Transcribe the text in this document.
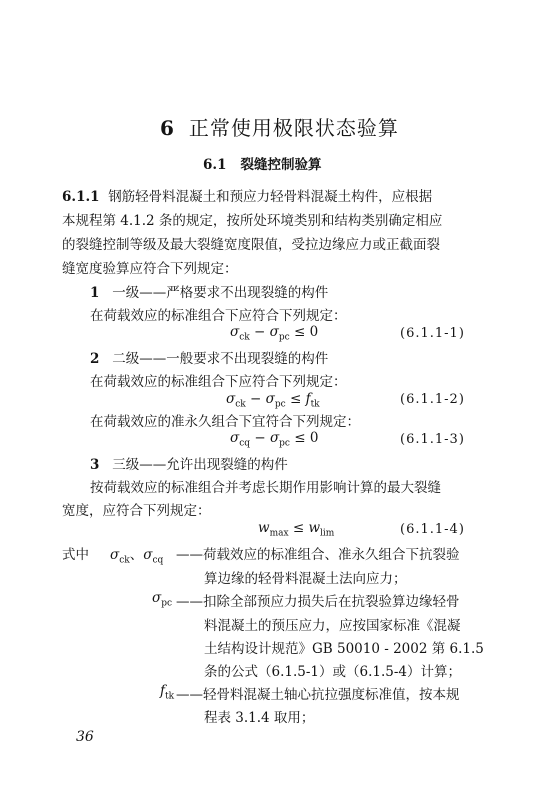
6 正常使用极限状态验算
6.1 裂缝控制验算
6.1.1 钢筋轻骨料混凝土和预应力轻骨料混凝土构件，应根据
本规程第 4.1.2 条的规定，按所处环境类别和结构类别确定相应
的裂缝控制等级及最大裂缝宽度限值，受拉边缘应力或正截面裂
缝宽度验算应符合下列规定：
1 一级——严格要求不出现裂缝的构件
在荷载效应的标准组合下应符合下列规定：
$\sigma_{ck} - \sigma_{pc} \le 0$	(6.1.1-1)
2 二级——一般要求不出现裂缝的构件
在荷载效应的标准组合下应符合下列规定：
$\sigma_{ck} - \sigma_{pc} \le f_{tk}$	(6.1.1-2)
在荷载效应的准永久组合下宜符合下列规定：
$\sigma_{cq} - \sigma_{pc} \le 0$	(6.1.1-3)
3 三级——允许出现裂缝的构件
按荷载效应的标准组合并考虑长期作用影响计算的最大裂缝
宽度，应符合下列规定：
$w_{max} \le w_{lim}$	(6.1.1-4)
式中 $\sigma_{ck}$、$\sigma_{cq}$ ——荷载效应的标准组合、准永久组合下抗裂验
算边缘的轻骨料混凝土法向应力；
$\sigma_{pc}$ ——扣除全部预应力损失后在抗裂验算边缘轻骨
料混凝土的预压应力，应按国家标准《混凝
土结构设计规范》GB 50010 - 2002 第 6.1.5
条的公式（6.1.5-1）或（6.1.5-4）计算；
$f_{tk}$ ——轻骨料混凝土轴心抗拉强度标准值，按本规
程表 3.1.4 取用；
36
